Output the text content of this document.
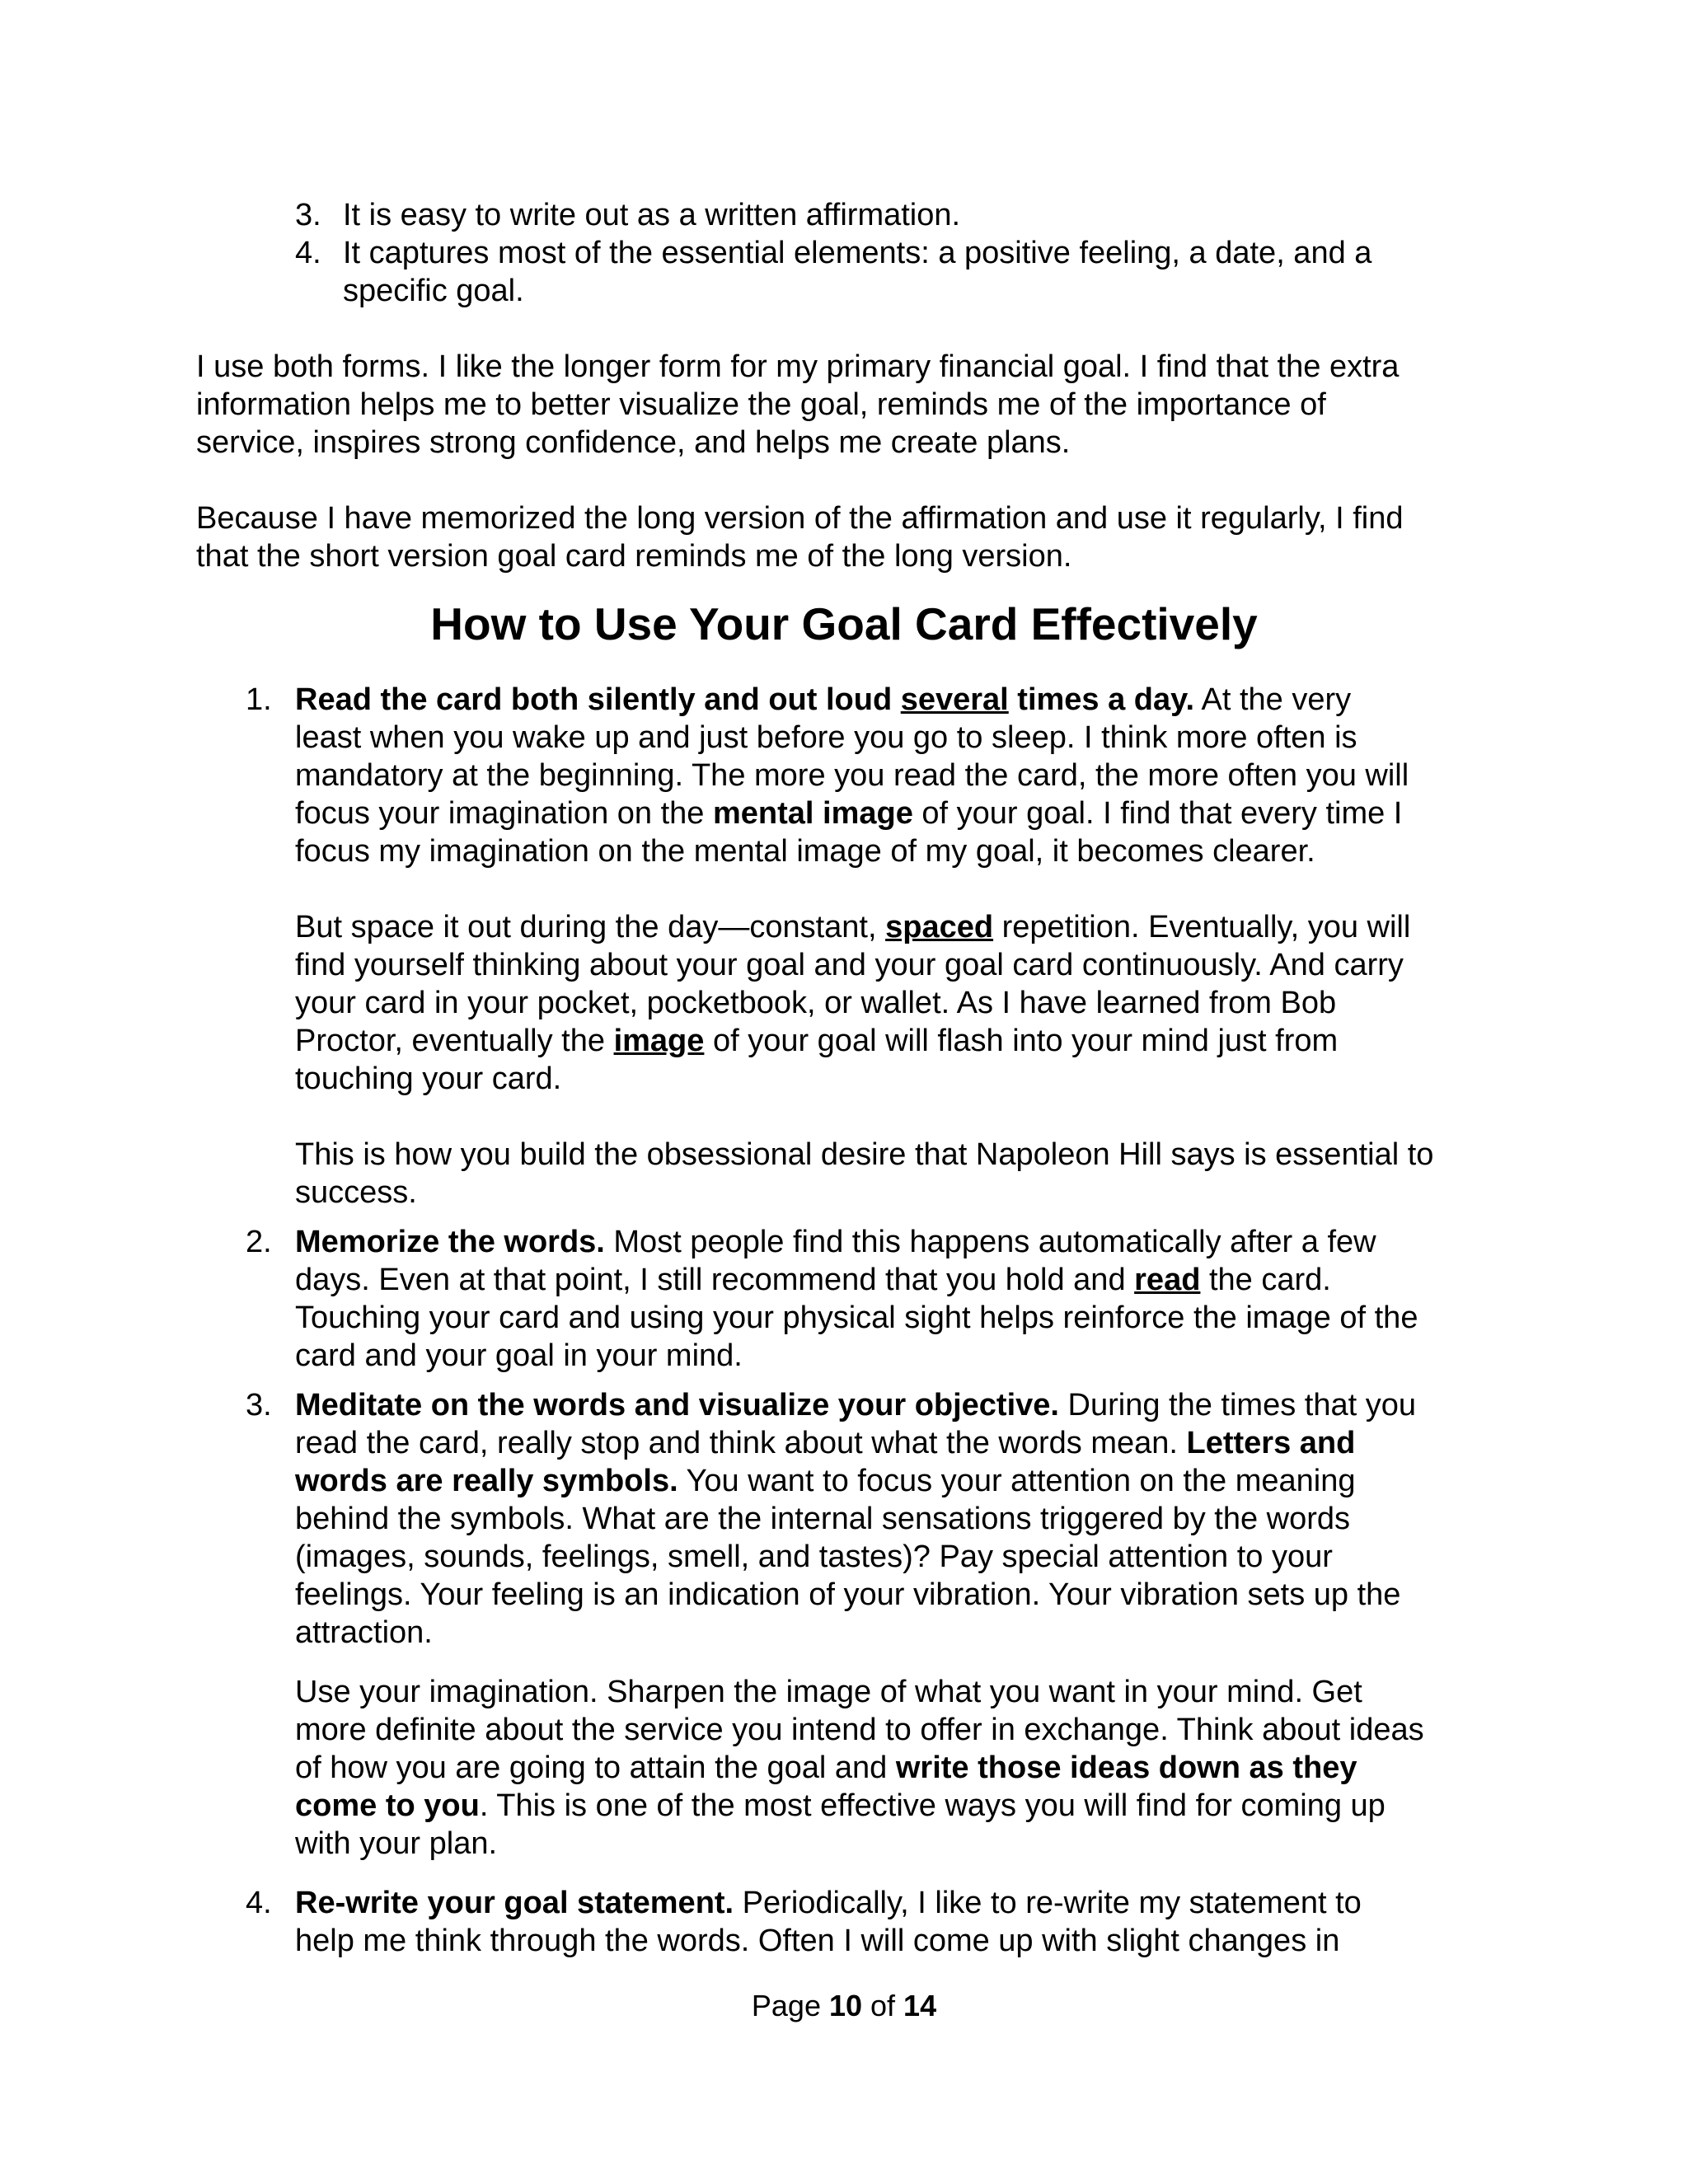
3. It is easy to write out as a written affirmation.
4. It captures most of the essential elements: a positive feeling, a date, and a
specific goal.
I use both forms. I like the longer form for my primary financial goal. I find that the extra
information helps me to better visualize the goal, reminds me of the importance of
service, inspires strong confidence, and helps me create plans.
Because I have memorized the long version of the affirmation and use it regularly, I find
that the short version goal card reminds me of the long version.
How to Use Your Goal Card Effectively
1. Read the card both silently and out loud several times a day. At the very
least when you wake up and just before you go to sleep. I think more often is
mandatory at the beginning. The more you read the card, the more often you will
focus your imagination on the mental image of your goal. I find that every time I
focus my imagination on the mental image of my goal, it becomes clearer.
But space it out during the day—constant, spaced repetition. Eventually, you will
find yourself thinking about your goal and your goal card continuously. And carry
your card in your pocket, pocketbook, or wallet. As I have learned from Bob
Proctor, eventually the image of your goal will flash into your mind just from
touching your card.
This is how you build the obsessional desire that Napoleon Hill says is essential to
success.
2. Memorize the words. Most people find this happens automatically after a few
days. Even at that point, I still recommend that you hold and read the card.
Touching your card and using your physical sight helps reinforce the image of the
card and your goal in your mind.
3. Meditate on the words and visualize your objective. During the times that you
read the card, really stop and think about what the words mean. Letters and
words are really symbols. You want to focus your attention on the meaning
behind the symbols. What are the internal sensations triggered by the words
(images, sounds, feelings, smell, and tastes)? Pay special attention to your
feelings. Your feeling is an indication of your vibration. Your vibration sets up the
attraction.
Use your imagination. Sharpen the image of what you want in your mind. Get
more definite about the service you intend to offer in exchange. Think about ideas
of how you are going to attain the goal and write those ideas down as they
come to you. This is one of the most effective ways you will find for coming up
with your plan.
4. Re-write your goal statement. Periodically, I like to re-write my statement to
help me think through the words. Often I will come up with slight changes in
Page 10 of 14
